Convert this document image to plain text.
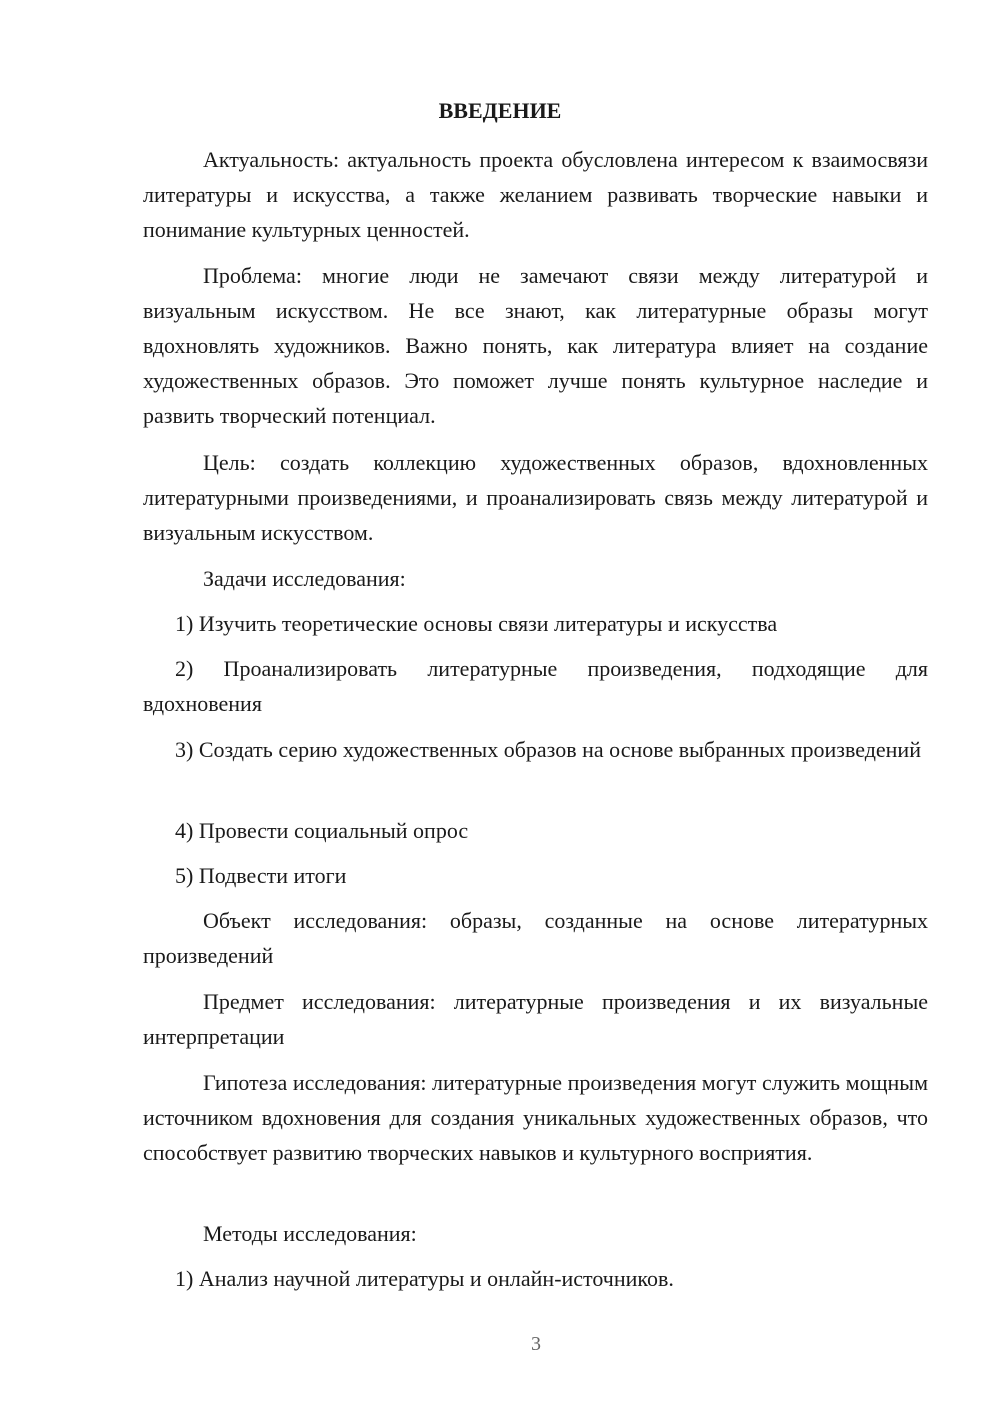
ВВЕДЕНИЕ

Актуальность: актуальность проекта обусловлена интересом к взаимосвязи литературы и искусства, а также желанием развивать творческие навыки и понимание культурных ценностей.

Проблема: многие люди не замечают связи между литературой и визуальным искусством. Не все знают, как литературные образы могут вдохновлять художников. Важно понять, как литература влияет на создание художественных образов. Это поможет лучше понять культурное наследие и развить творческий потенциал.

Цель: создать коллекцию художественных образов, вдохновленных литературными произведениями, и проанализировать связь между литературой и визуальным искусством.

Задачи исследования:

1) Изучить теоретические основы связи литературы и искусства

2) Проанализировать литературные произведения, подходящие для вдохновения

3) Создать серию художественных образов на основе выбранных произведений

4) Провести социальный опрос

5) Подвести итоги

Объект исследования: образы, созданные на основе литературных произведений

Предмет исследования: литературные произведения и их визуальные интерпретации

Гипотеза исследования: литературные произведения могут служить мощным источником вдохновения для создания уникальных художественных образов, что способствует развитию творческих навыков и культурного восприятия.

Методы исследования:

1) Анализ научной литературы и онлайн-источников.

3
